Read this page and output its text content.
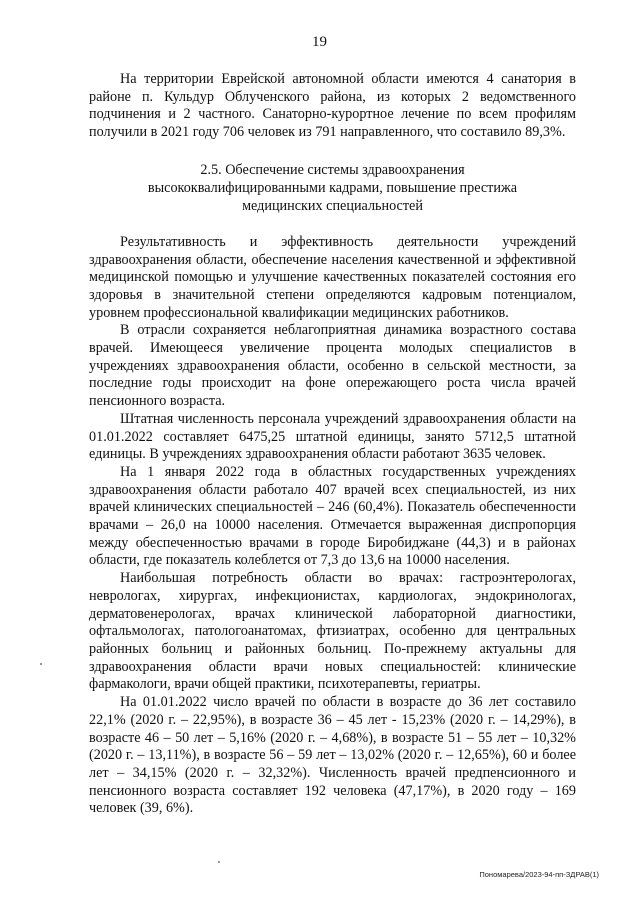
19

На территории Еврейской автономной области имеются 4 санатория в районе п. Кульдур Облученского района, из которых 2 ведомственного подчинения и 2 частного. Санаторно-курортное лечение по всем профилям получили в 2021 году 706 человек из 791 направленного, что составило 89,3%.

2.5. Обеспечение системы здравоохранения
высококвалифицированными кадрами, повышение престижа
медицинских специальностей

Результативность и эффективность деятельности учреждений здравоохранения области, обеспечение населения качественной и эффективной медицинской помощью и улучшение качественных показателей состояния его здоровья в значительной степени определяются кадровым потенциалом, уровнем профессиональной квалификации медицинских работников.

В отрасли сохраняется неблагоприятная динамика возрастного состава врачей. Имеющееся увеличение процента молодых специалистов в учреждениях здравоохранения области, особенно в сельской местности, за последние годы происходит на фоне опережающего роста числа врачей пенсионного возраста.

Штатная численность персонала учреждений здравоохранения области на 01.01.2022 составляет 6475,25 штатной единицы, занято 5712,5 штатной единицы. В учреждениях здравоохранения области работают 3635 человек.

На 1 января 2022 года в областных государственных учреждениях здравоохранения области работало 407 врачей всех специальностей, из них врачей клинических специальностей – 246 (60,4%). Показатель обеспеченности врачами – 26,0 на 10000 населения. Отмечается выраженная диспропорция между обеспеченностью врачами в городе Биробиджане (44,3) и в районах области, где показатель колеблется от 7,3 до 13,6 на 10000 населения.

Наибольшая потребность области во врачах: гастроэнтерологах, неврологах, хирургах, инфекционистах, кардиологах, эндокринологах, дерматовенерологах, врачах клинической лабораторной диагностики, офтальмологах, патологоанатомах, фтизиатрах, особенно для центральных районных больниц и районных больниц. По-прежнему актуальны для здравоохранения области врачи новых специальностей: клинические фармакологи, врачи общей практики, психотерапевты, гериатры.

На 01.01.2022 число врачей по области в возрасте до 36 лет составило 22,1% (2020 г. – 22,95%), в возрасте 36 – 45 лет - 15,23% (2020 г. – 14,29%), в возрасте 46 – 50 лет – 5,16% (2020 г. – 4,68%), в возрасте 51 – 55 лет – 10,32% (2020 г. – 13,11%), в возрасте 56 – 59 лет – 13,02% (2020 г. – 12,65%), 60 и более лет – 34,15% (2020 г. – 32,32%). Численность врачей предпенсионного и пенсионного возраста составляет 192 человека (47,17%), в 2020 году – 169 человек (39, 6%).

Пономарева/2023-94-пп-ЗДРАВ(1)
